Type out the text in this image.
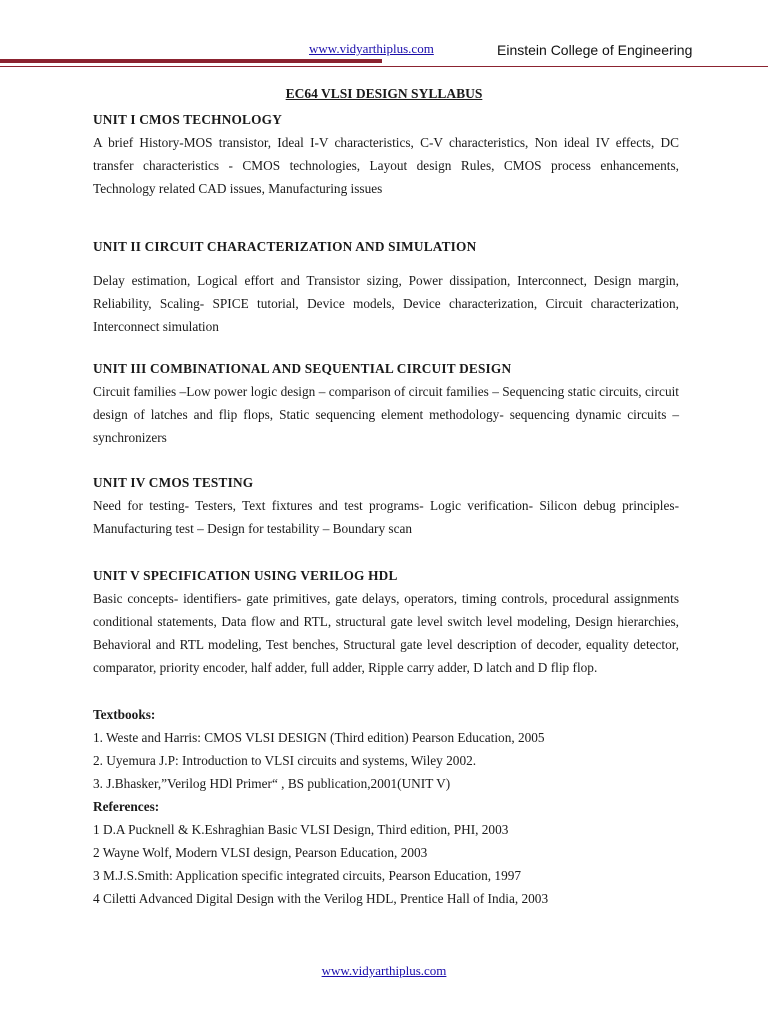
www.vidyarthiplus.com	Einstein College of Engineering
EC64 VLSI DESIGN SYLLABUS
UNIT I CMOS TECHNOLOGY
A brief History-MOS transistor, Ideal I-V characteristics, C-V characteristics, Non ideal IV effects, DC transfer characteristics - CMOS technologies, Layout design Rules, CMOS process enhancements, Technology related CAD issues, Manufacturing issues
UNIT II CIRCUIT CHARACTERIZATION AND SIMULATION
Delay estimation, Logical effort and Transistor sizing, Power dissipation, Interconnect, Design margin, Reliability, Scaling- SPICE tutorial, Device models, Device characterization, Circuit characterization, Interconnect simulation
UNIT III COMBINATIONAL AND SEQUENTIAL CIRCUIT DESIGN
Circuit families –Low power logic design – comparison of circuit families – Sequencing static circuits, circuit design of latches and flip flops, Static sequencing element methodology- sequencing dynamic circuits – synchronizers
UNIT IV CMOS TESTING
Need for testing- Testers, Text fixtures and test programs- Logic verification- Silicon debug principles- Manufacturing test – Design for testability – Boundary scan
UNIT V SPECIFICATION USING VERILOG HDL
Basic concepts- identifiers- gate primitives, gate delays, operators, timing controls, procedural assignments conditional statements, Data flow and RTL, structural gate level switch level modeling, Design hierarchies, Behavioral and RTL modeling, Test benches, Structural gate level description of decoder, equality detector, comparator, priority encoder, half adder, full adder, Ripple carry adder, D latch and D flip flop.
Textbooks:
1. Weste and Harris: CMOS VLSI DESIGN (Third edition) Pearson Education, 2005
2. Uyemura J.P: Introduction to VLSI circuits and systems, Wiley 2002.
3. J.Bhasker,”Verilog HDl Primer“ , BS publication,2001(UNIT V)
References:
1 D.A Pucknell & K.Eshraghian Basic VLSI Design, Third edition, PHI, 2003
2 Wayne Wolf, Modern VLSI design, Pearson Education, 2003
3 M.J.S.Smith: Application specific integrated circuits, Pearson Education, 1997
4 Ciletti Advanced Digital Design with the Verilog HDL, Prentice Hall of India, 2003
www.vidyarthiplus.com
